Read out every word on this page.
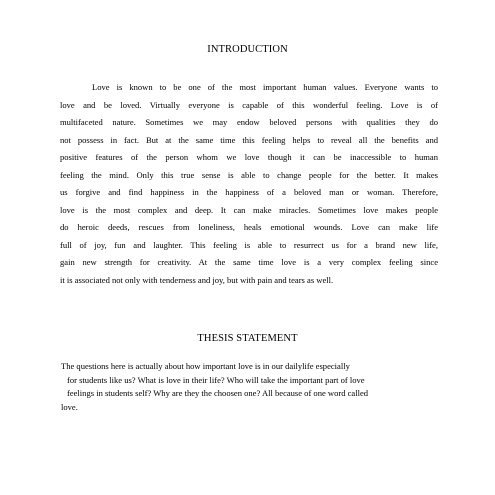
INTRODUCTION
Love is known to be one of the most important human values. Everyone wants to
love and be loved. Virtually everyone is capable of this wonderful feeling. Love is of
multifaceted nature. Sometimes we may endow beloved persons with qualities they do
not possess in fact. But at the same time this feeling helps to reveal all the benefits and
positive features of the person whom we love though it can be inaccessible to human
feeling the mind. Only this true sense is able to change people for the better. It makes
us forgive and find happiness in the happiness of a beloved man or woman. Therefore,
love is the most complex and deep. It can make miracles. Sometimes love makes people
do heroic deeds, rescues from loneliness, heals emotional wounds. Love can make life
full of joy, fun and laughter. This feeling is able to resurrect us for a brand new life,
gain new strength for creativity. At the same time love is a very complex feeling since
it is associated not only with tenderness and joy, but with pain and tears as well.
THESIS STATEMENT
The questions here is actually about how important love is in our dailylife especially
for students like us? What is love in their life? Who will take the important part of love
feelings in students self? Why are they the choosen one? All because of one word called
love.
